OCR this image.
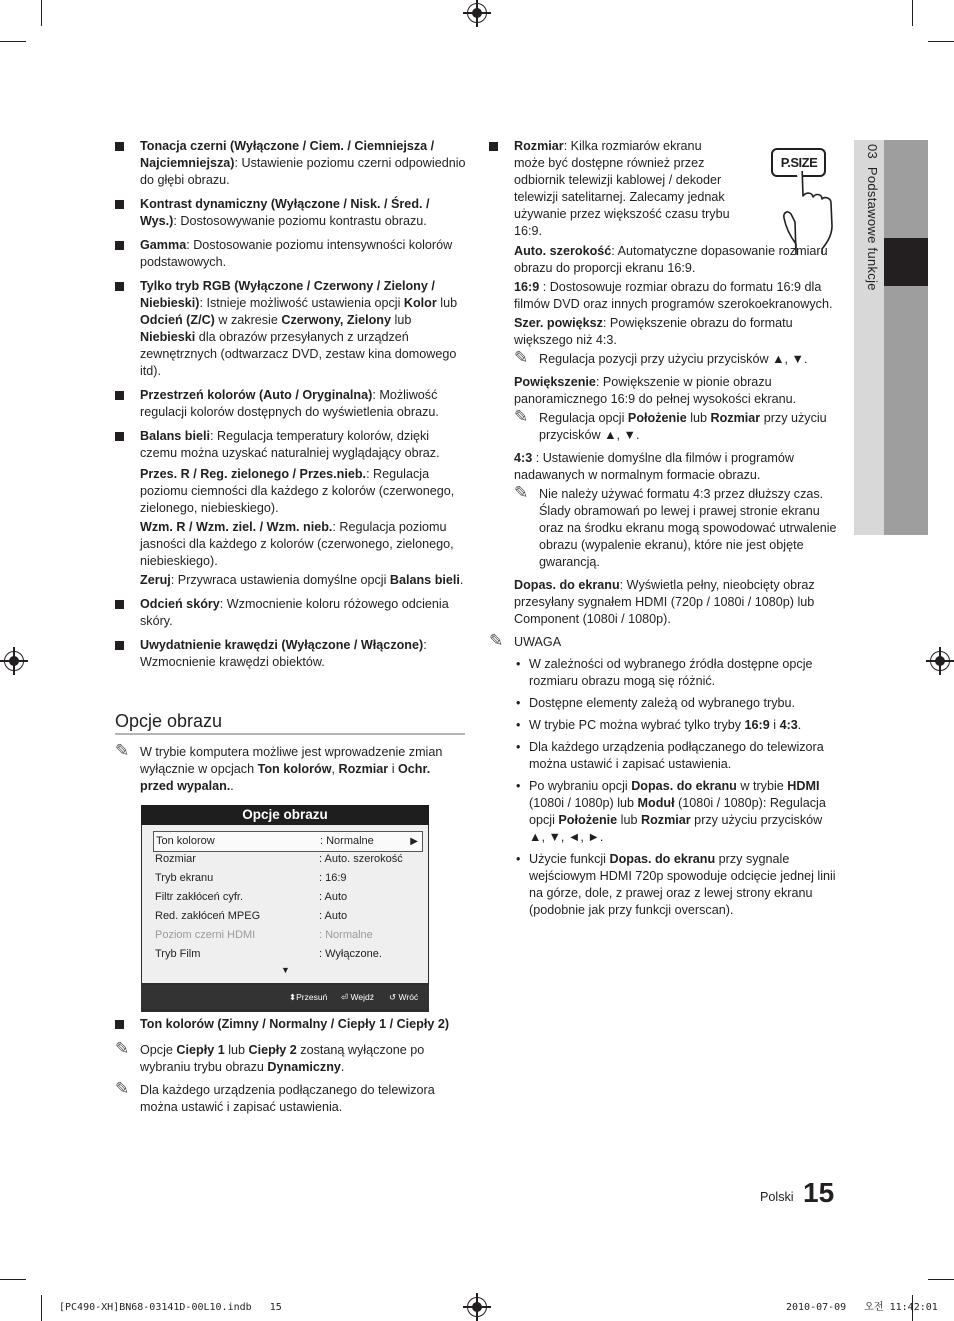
03  Podstawowe funkcje
Tonacja czerni (Wyłączone / Ciem. / Ciemniejsza / Najciemniejsza): Ustawienie poziomu czerni odpowiednio do głębi obrazu.
Kontrast dynamiczny (Wyłączone / Nisk. / Śred. / Wys.): Dostosowywanie poziomu kontrastu obrazu.
Gamma: Dostosowanie poziomu intensywności kolorów podstawowych.
Tylko tryb RGB (Wyłączone / Czerwony / Zielony / Niebieski): Istnieje możliwość ustawienia opcji Kolor lub Odcień (Z/C) w zakresie Czerwony, Zielony lub Niebieski dla obrazów przesyłanych z urządzeń zewnętrznych (odtwarzacz DVD, zestaw kina domowego itd).
Przestrzeń kolorów (Auto / Oryginalna): Możliwość regulacji kolorów dostępnych do wyświetlenia obrazu.
Balans bieli: Regulacja temperatury kolorów, dzięki czemu można uzyskać naturalniej wyglądający obraz.
Przes. R / Reg. zielonego / Przes.nieb.: Regulacja poziomu ciemności dla każdego z kolorów (czerwonego, zielonego, niebieskiego).
Wzm. R / Wzm. ziel. / Wzm. nieb.: Regulacja poziomu jasności dla każdego z kolorów (czerwonego, zielonego, niebieskiego).
Zeruj: Przywraca ustawienia domyślne opcji Balans bieli.
Odcień skóry: Wzmocnienie koloru różowego odcienia skóry.
Uwydatnienie krawędzi (Wyłączone / Włączone): Wzmocnienie krawędzi obiektów.
Opcje obrazu
✎ W trybie komputera możliwe jest wprowadzenie zmian wyłącznie w opcjach Ton kolorów, Rozmiar i Ochr. przed wypalan..
Opcje obrazu
Ton kolorow	: Normalne	▶
Rozmiar	: Auto. szerokość
Tryb ekranu	: 16:9
Filtr zakłóceń cyfr.	: Auto
Red. zakłóceń MPEG	: Auto
Poziom czerni HDMI	: Normalne
Tryb Film	: Wyłączone.
▼
⬍Przesuń ⏎ Wejdź ↺ Wróć
Ton kolorów (Zimny / Normalny / Ciepły 1 / Ciepły 2)
✎ Opcje Ciepły 1 lub Ciepły 2 zostaną wyłączone po wybraniu trybu obrazu Dynamiczny.
✎ Dla każdego urządzenia podłączanego do telewizora można ustawić i zapisać ustawienia.
Rozmiar: Kilka rozmiarów ekranu może być dostępne również przez odbiornik telewizji kablowej / dekoder telewizji satelitarnej. Zalecamy jednak używanie przez większość czasu trybu 16:9.
Auto. szerokość: Automatyczne dopasowanie rozmiaru obrazu do proporcji ekranu 16:9.
16:9 : Dostosowuje rozmiar obrazu do formatu 16:9 dla filmów DVD oraz innych programów szerokoekranowych.
Szer. powiększ: Powiększenie obrazu do formatu większego niż 4:3.
✎ Regulacja pozycji przy użyciu przycisków ▲, ▼.
Powiększenie: Powiększenie w pionie obrazu panoramicznego 16:9 do pełnej wysokości ekranu.
✎ Regulacja opcji Położenie lub Rozmiar przy użyciu przycisków ▲, ▼.
4:3 : Ustawienie domyślne dla filmów i programów nadawanych w normalnym formacie obrazu.
✎ Nie należy używać formatu 4:3 przez dłuższy czas. Ślady obramowań po lewej i prawej stronie ekranu oraz na środku ekranu mogą spowodować utrwalenie obrazu (wypalenie ekranu), które nie jest objęte gwarancją.
Dopas. do ekranu: Wyświetla pełny, nieobcięty obraz przesyłany sygnałem HDMI (720p / 1080i / 1080p) lub Component (1080i / 1080p).
✎ UWAGA
• W zależności od wybranego źródła dostępne opcje rozmiaru obrazu mogą się różnić.
• Dostępne elementy zależą od wybranego trybu.
• W trybie PC można wybrać tylko tryby 16:9 i 4:3.
• Dla każdego urządzenia podłączanego do telewizora można ustawić i zapisać ustawienia.
• Po wybraniu opcji Dopas. do ekranu w trybie HDMI (1080i / 1080p) lub Moduł (1080i / 1080p): Regulacja opcji Położenie lub Rozmiar przy użyciu przycisków ▲, ▼, ◄, ►.
• Użycie funkcji Dopas. do ekranu przy sygnale wejściowym HDMI 720p spowoduje odcięcie jednej linii na górze, dole, z prawej oraz z lewej strony ekranu (podobnie jak przy funkcji overscan).
P.SIZE
Polski 15
[PC490-XH]BN68-03141D-00L10.indb   15	2010-07-09   오전 11:42:01
